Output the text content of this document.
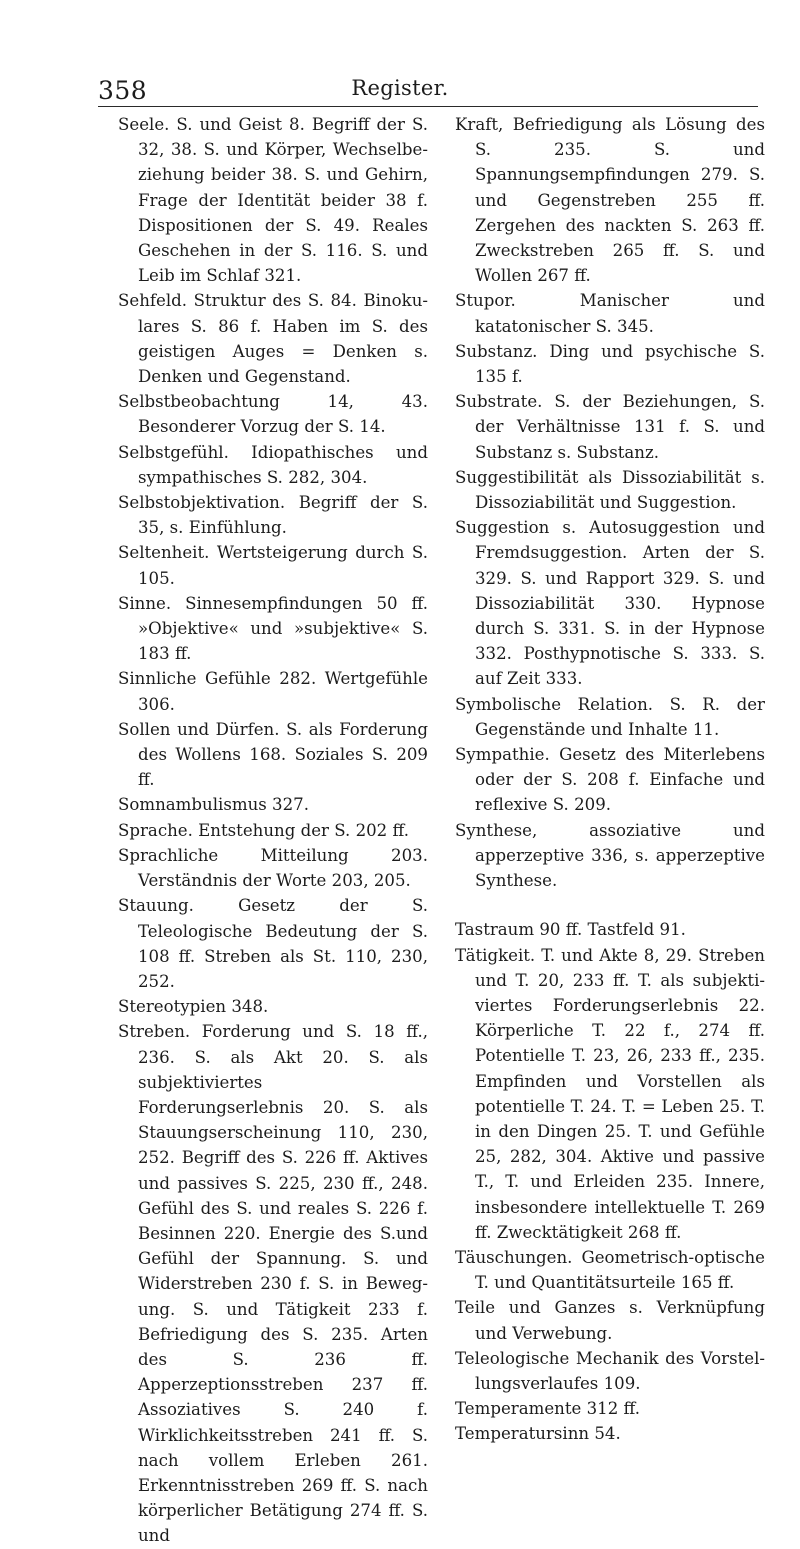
358	Register.

Seele. S. und Geist 8. Begriff der S. 32, 38. S. und Körper, Wechselbeziehung beider 38. S. und Gehirn, Frage der Identität beider 38 f. Dispositionen der S. 49. Reales Geschehen in der S. 116. S. und Leib im Schlaf 321.

Sehfeld. Struktur des S. 84. Binokulares S. 86 f. Haben im S. des geistigen Auges = Denken s. Denken und Gegenstand.

Selbstbeobachtung 14, 43. Besonderer Vorzug der S. 14.

Selbstgefühl. Idiopathisches und sympathisches S. 282, 304.

Selbstobjektivation. Begriff der S. 35, s. Einfühlung.

Seltenheit. Wertsteigerung durch S. 105.

Sinne. Sinnesempfindungen 50 ff. »Objektive« und »subjektive« S. 183 ff.

Sinnliche Gefühle 282. Wertgefühle 306.

Sollen und Dürfen. S. als Forderung des Wollens 168. Soziales S. 209 ff.

Somnambulismus 327.

Sprache. Entstehung der S. 202 ff.

Sprachliche Mitteilung 203. Verständnis der Worte 203, 205.

Stauung. Gesetz der S. Teleologische Bedeutung der S. 108 ff. Streben als St. 110, 230, 252.

Stereotypien 348.

Streben. Forderung und S. 18 ff., 236. S. als Akt 20. S. als subjektiviertes Forderungserlebnis 20. S. als Stauungserscheinung 110, 230, 252. Begriff des S. 226 ff. Aktives und passives S. 225, 230 ff., 248. Gefühl des S. und reales S. 226 f. Besinnen 220. Energie des S.und Gefühl der Spannung. S. und Widerstreben 230 f. S. in Bewegung. S. und Tätigkeit 233 f. Befriedigung des S. 235. Arten des S. 236 ff. Apperzeptionsstreben 237 ff. Assoziatives S. 240 f. Wirklichkeitsstreben 241 ff. S. nach vollem Erleben 261. Erkenntnisstreben 269 ff. S. nach körperlicher Betätigung 274 ff. S. und

Kraft, Befriedigung als Lösung des S. 235. S. und Spannungsempfindungen 279. S. und Gegenstreben 255 ff. Zergehen des nackten S. 263 ff. Zweckstreben 265 ff. S. und Wollen 267 ff.

Stupor. Manischer und katatonischer S. 345.

Substanz. Ding und psychische S. 135 f.

Substrate. S. der Beziehungen, S. der Verhältnisse 131 f. S. und Substanz s. Substanz.

Suggestibilität als Dissoziabilität s. Dissoziabilität und Suggestion.

Suggestion s. Autosuggestion und Fremdsuggestion. Arten der S. 329. S. und Rapport 329. S. und Dissoziabilität 330. Hypnose durch S. 331. S. in der Hypnose 332. Posthypnotische S. 333. S. auf Zeit 333.

Symbolische Relation. S. R. der Gegenstände und Inhalte 11.

Sympathie. Gesetz des Miterlebens oder der S. 208 f. Einfache und reflexive S. 209.

Synthese, assoziative und apperzeptive 336, s. apperzeptive Synthese.

Tastraum 90 ff. Tastfeld 91.

Tätigkeit. T. und Akte 8, 29. Streben und T. 20, 233 ff. T. als subjektiviertes Forderungserlebnis 22. Körperliche T. 22 f., 274 ff. Potentielle T. 23, 26, 233 ff., 235. Empfinden und Vorstellen als potentielle T. 24. T. = Leben 25. T. in den Dingen 25. T. und Gefühle 25, 282, 304. Aktive und passive T., T. und Erleiden 235. Innere, insbesondere intellektuelle T. 269 ff. Zwecktätigkeit 268 ff.

Täuschungen. Geometrisch-optische T. und Quantitätsurteile 165 ff.

Teile und Ganzes s. Verknüpfung und Verwebung.

Teleologische Mechanik des Vorstellungsverlaufes 109.

Temperamente 312 ff.

Temperatursinn 54.
